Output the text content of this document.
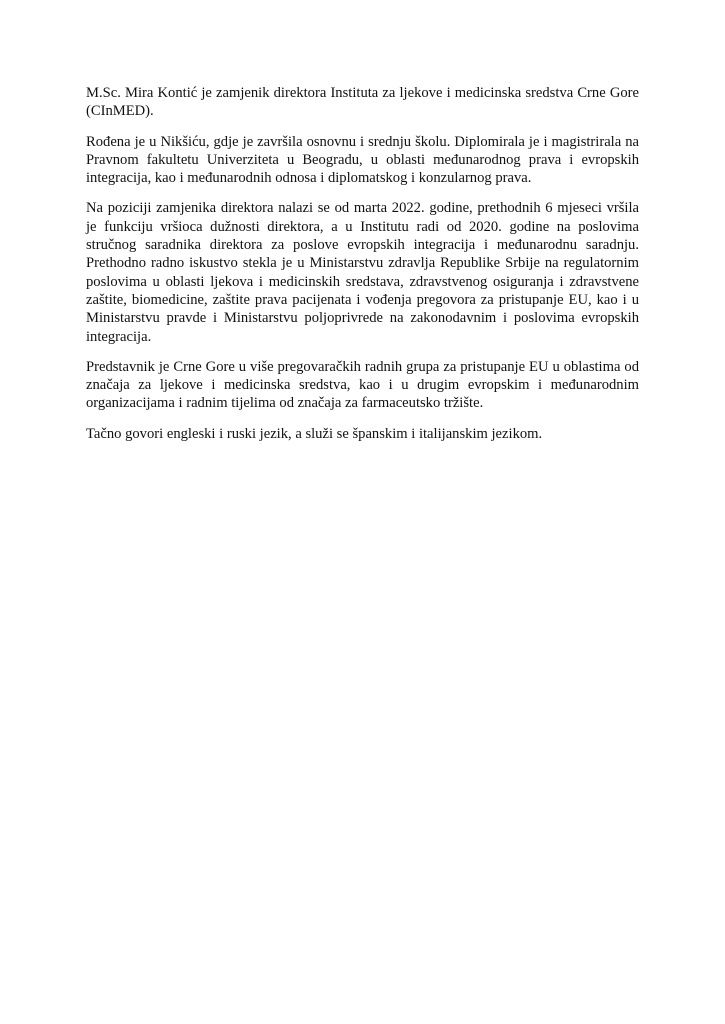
M.Sc. Mira Kontić je zamjenik direktora Instituta za ljekove i medicinska sredstva Crne Gore (CInMED).

Rođena je u Nikšiću, gdje je završila osnovnu i srednju školu. Diplomirala je i magistrirala na Pravnom fakultetu Univerziteta u Beogradu, u oblasti međunarodnog prava i evropskih integracija, kao i međunarodnih odnosa i diplomatskog i konzularnog prava.

Na poziciji zamjenika direktora nalazi se od marta 2022. godine, prethodnih 6 mjeseci vršila je funkciju vršioca dužnosti direktora, a u Institutu radi od 2020. godine na poslovima stručnog saradnika direktora za poslove evropskih integracija i međunarodnu saradnju. Prethodno radno iskustvo stekla je u Ministarstvu zdravlja Republike Srbije na regulatornim poslovima u oblasti ljekova i medicinskih sredstava, zdravstvenog osiguranja i zdravstvene zaštite, biomedicine, zaštite prava pacijenata i vođenja pregovora za pristupanje EU, kao i u Ministarstvu pravde i Ministarstvu poljoprivrede na zakonodavnim i poslovima evropskih integracija.

Predstavnik je Crne Gore u više pregovaračkih radnih grupa za pristupanje EU u oblastima od značaja za ljekove i medicinska sredstva, kao i u drugim evropskim i međunarodnim organizacijama i radnim tijelima od značaja za farmaceutsko tržište.

Tačno govori engleski i ruski jezik, a služi se španskim i italijanskim jezikom.
